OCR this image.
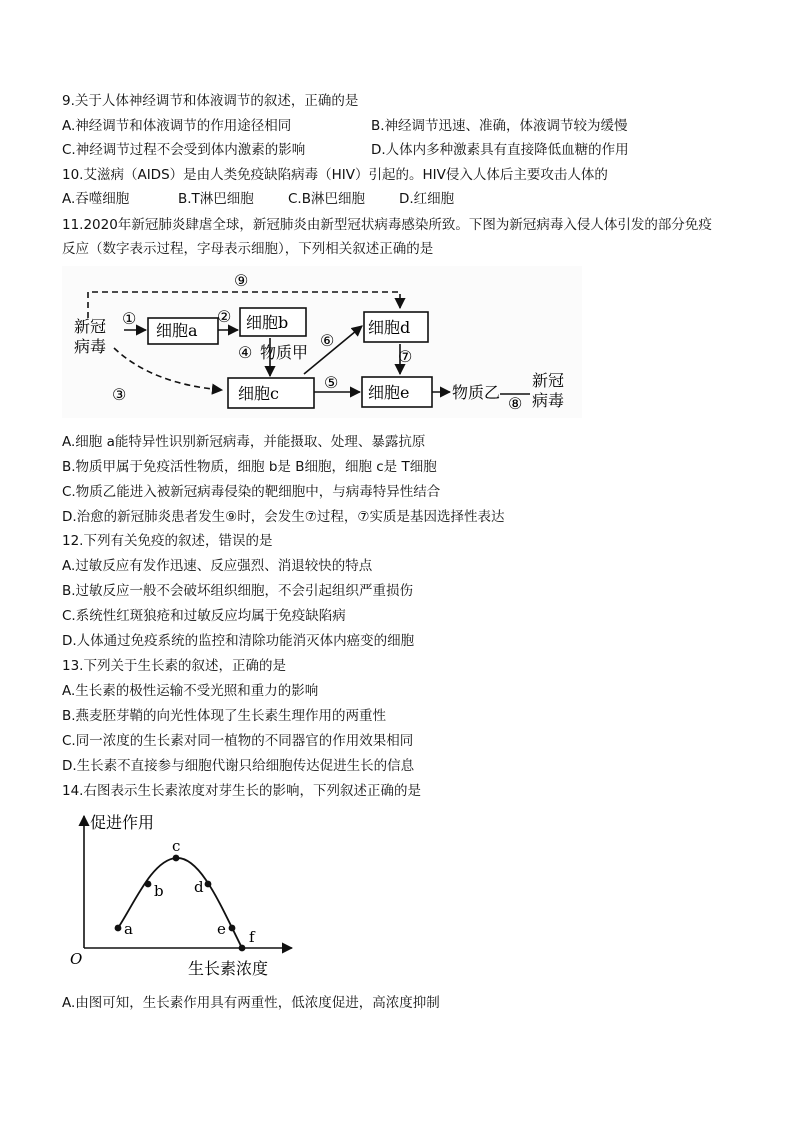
9.关于人体神经调节和体液调节的叙述，正确的是
A.神经调节和体液调节的作用途径相同	B.神经调节迅速、准确，体液调节较为缓慢
C.神经调节过程不会受到体内激素的影响	D.人体内多种激素具有直接降低血糖的作用
10.艾滋病（AIDS）是由人类免疫缺陷病毒（HIV）引起的。HIV侵入人体后主要攻击人体的
A.吞噬细胞	B.T淋巴细胞	C.B淋巴细胞	D.红细胞
11.2020年新冠肺炎肆虐全球，新冠肺炎由新型冠状病毒感染所致。下图为新冠病毒入侵人体引发的部分免疫
反应（数字表示过程，字母表示细胞），下列相关叙述正确的是
新冠
病毒
细胞a	细胞b
细胞c
细胞d
细胞e
物质甲
物质乙
新冠
病毒
①	②
③
④
⑤
⑥
⑦
⑧
⑨
A.细胞 a能特异性识别新冠病毒，并能摄取、处理、暴露抗原
B.物质甲属于免疫活性物质，细胞 b是 B细胞，细胞 c是 T细胞
C.物质乙能进入被新冠病毒侵染的靶细胞中，与病毒特异性结合
D.治愈的新冠肺炎患者发生⑨时，会发生⑦过程，⑦实质是基因选择性表达
12.下列有关免疫的叙述，错误的是
A.过敏反应有发作迅速、反应强烈、消退较快的特点
B.过敏反应一般不会破坏组织细胞，不会引起组织严重损伤
C.系统性红斑狼疮和过敏反应均属于免疫缺陷病
D.人体通过免疫系统的监控和清除功能消灭体内癌变的细胞
13.下列关于生长素的叙述，正确的是
A.生长素的极性运输不受光照和重力的影响
B.燕麦胚芽鞘的向光性体现了生长素生理作用的两重性
C.同一浓度的生长素对同一植物的不同器官的作用效果相同
D.生长素不直接参与细胞代谢只给细胞传达促进生长的信息
14.右图表示生长素浓度对芽生长的影响，下列叙述正确的是
促进作用
生长素浓度
O
a
b
c
d
e f
A.由图可知，生长素作用具有两重性，低浓度促进，高浓度抑制
